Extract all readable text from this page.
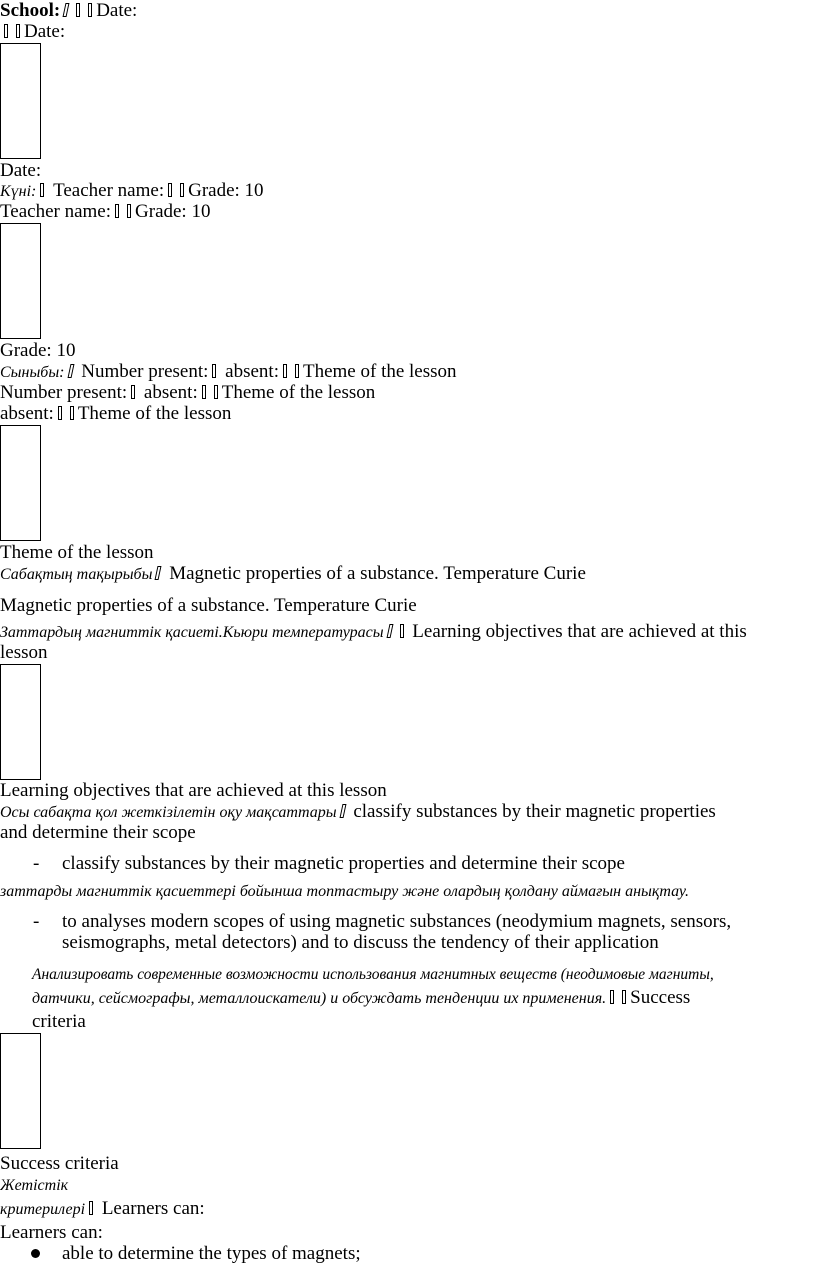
School: Date:
Date:
Date:
Күні: Teacher name: Grade: 10
Teacher name: Grade: 10
Grade: 10
Сыныбы: Number present: absent: Theme of the lesson
Number present: absent: Theme of the lesson
absent: Theme of the lesson
Theme of the lesson
Сабақтың тақырыбы Magnetic properties of a substance. Temperature Curie
Magnetic properties of a substance. Temperature Curie
Заттардың магниттік қасиеті.Кьюри температурасы Learning objectives that are achieved at this
lesson
Learning objectives that are achieved at this lesson
Осы сабақта қол жеткізілетін оқу мақсаттары classify substances by their magnetic properties
and determine their scope
- classify substances by their magnetic properties and determine their scope
заттарды магниттік қасиеттері бойынша топтастыру және олардың қолдану аймағын анықтау.
- to analyses modern scopes of using magnetic substances (neodymium magnets, sensors,
seismographs, metal detectors) and to discuss the tendency of their application
Анализировать современные возможности использования магнитных веществ (неодимовые магниты,
датчики, сейсмографы, металлоискатели) и обсуждать тенденции их применения. Success
criteria
Success criteria
Жетістік
критерилері Learners can:
Learners can:
able to determine the types of magnets;
